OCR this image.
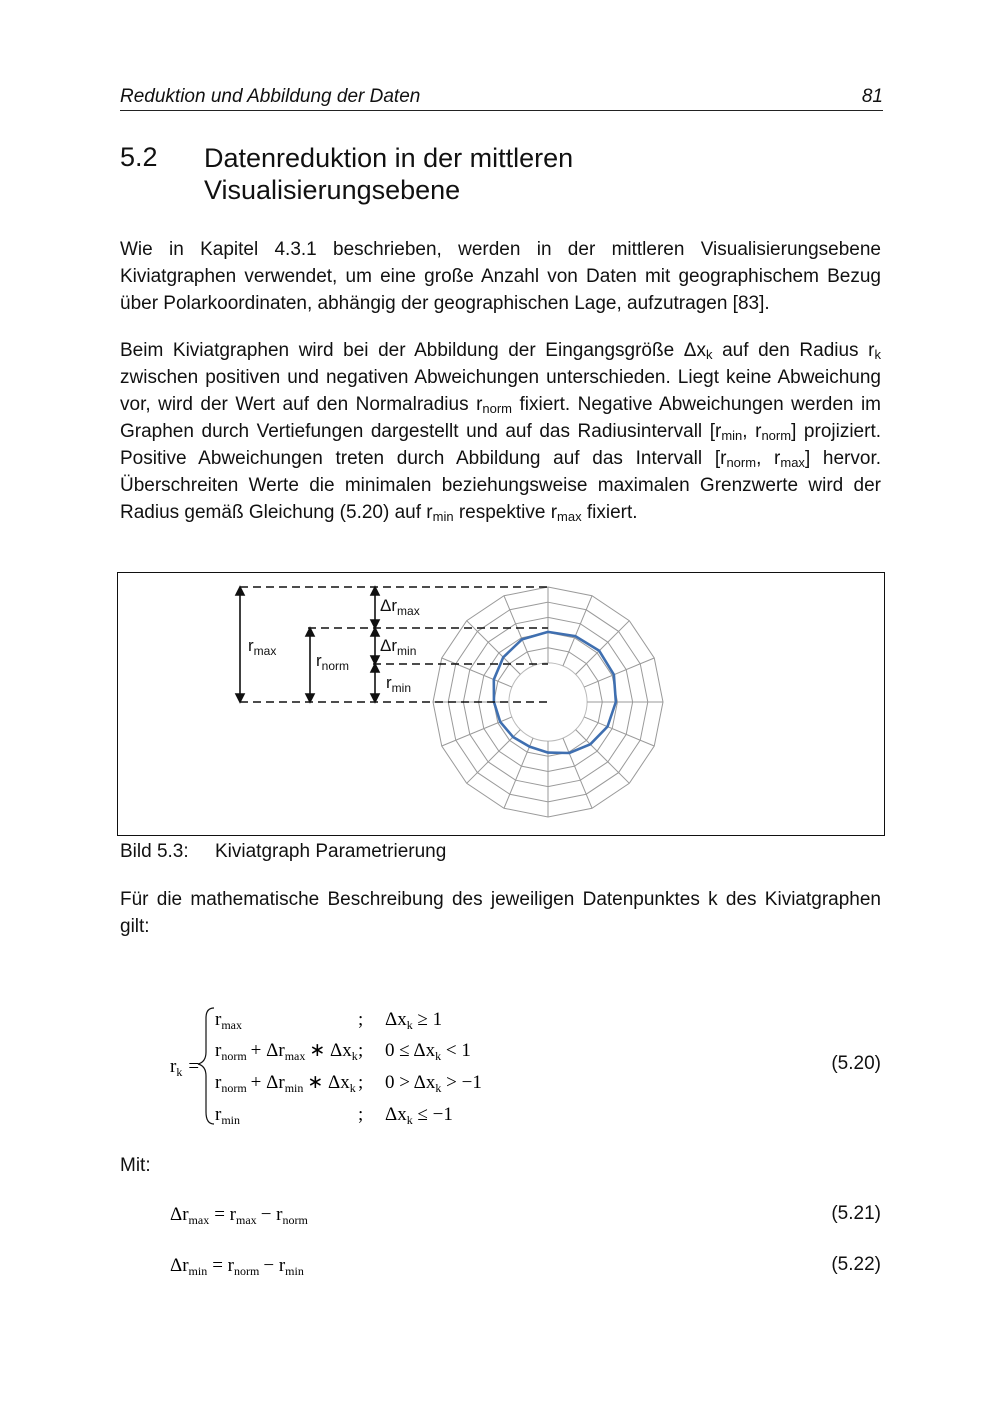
Reduktion und Abbildung der Daten	81
5.2 Datenreduktion in der mittleren
Visualisierungsebene

Wie in Kapitel 4.3.1 beschrieben, werden in der mittleren Visualisierungsebene Kiviatgraphen verwendet, um eine große Anzahl von Daten mit geographischem Bezug über Polarkoordinaten, abhängig der geographischen Lage, aufzutragen [83].

Beim Kiviatgraphen wird bei der Abbildung der Eingangsgröße $\Delta x_k$ auf den Radius $r_k$ zwischen positiven und negativen Abweichungen unterschieden. Liegt keine Abweichung vor, wird der Wert auf den Normalradius $r_{norm}$ fixiert. Negative Abweichungen werden im Graphen durch Vertiefungen dargestellt und auf das Radiusintervall [$r_{min}$, $r_{norm}$] projiziert. Positive Abweichungen treten durch Abbildung auf das Intervall [$r_{norm}$, $r_{max}$] hervor. Überschreiten Werte die minimalen beziehungsweise maximalen Grenzwerte wird der Radius gemäß Gleichung (5.20) auf $r_{min}$ respektive $r_{max}$ fixiert.

$r_{max}$ $r_{norm}$
$\Delta r_{max}$
$\Delta r_{min}$
$r_{min}$
Bild 5.3: Kiviatgraph Parametrierung

Für die mathematische Beschreibung des jeweiligen Datenpunktes k des Kiviatgraphen gilt:

$r_k$ =
$r_{max}$	; $\Delta x_k \ge 1$
$r_{norm} + \Delta r_{max}$ ∗ $\Delta x_k$ ; $0 \le \Delta x_k < 1$
$r_{norm} + \Delta r_{min}$ ∗ $\Delta x_k$ ; $0 > \Delta x_k > -1$
$r_{min}$	; $\Delta x_k \le -1$
(5.20)
Mit:
$\Delta r_{max} = r_{max} - r_{norm}$	(5.21)
$\Delta r_{min} = r_{norm} - r_{min}$	(5.22)
